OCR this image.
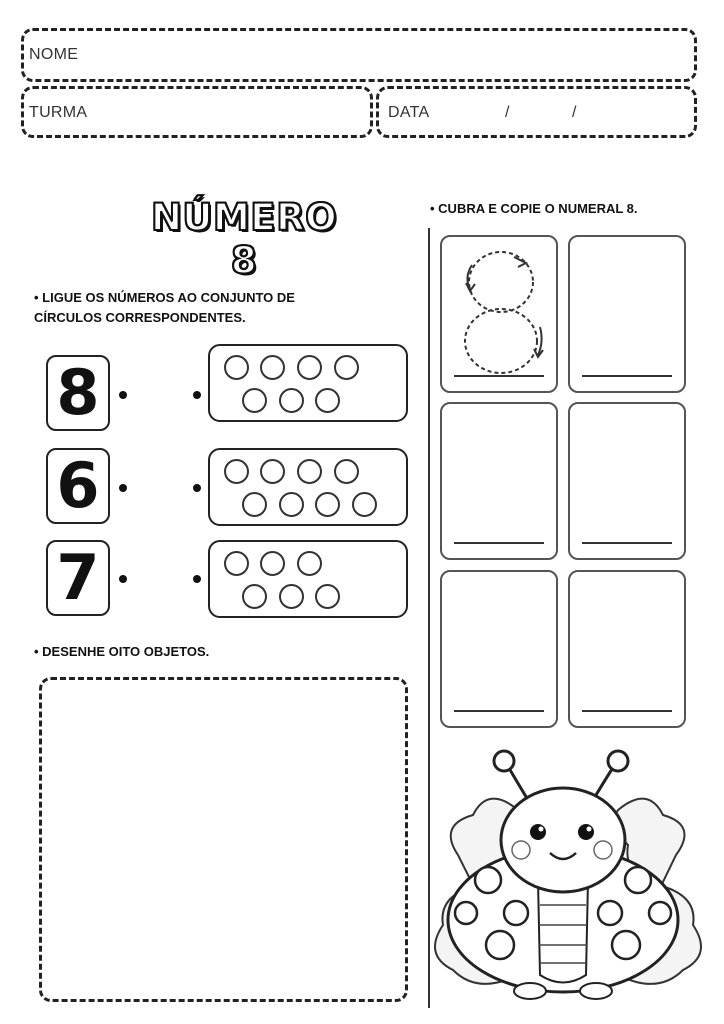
NOME
TURMA	DATA	/	/
NÚMERO 8
• CUBRA E COPIE O NUMERAL 8.
• LIGUE OS NÚMEROS AO CONJUNTO DE CÍRCULOS CORRESPONDENTES.
8
6
7
• DESENHE OITO OBJETOS.
